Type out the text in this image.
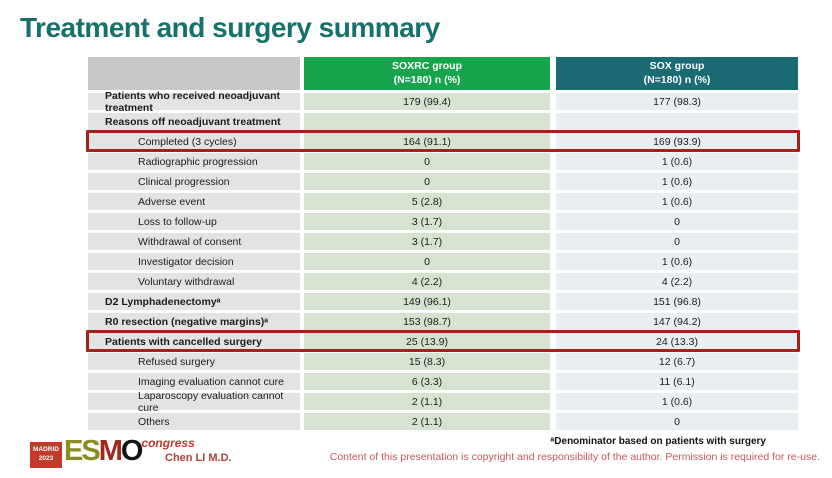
Treatment and surgery summary
SOXRC group
(N=180) n (%)
SOX group
(N=180) n (%)
Patients who received neoadjuvant treatment	179 (99.4)	177 (98.3)
Reasons off neoadjuvant treatment
Completed (3 cycles)	164 (91.1)	169 (93.9)
Radiographic progression	0	1 (0.6)
Clinical progression	0	1 (0.6)
Adverse event	5 (2.8)	1 (0.6)
Loss to follow-up	3 (1.7)	0
Withdrawal of consent	3 (1.7)	0
Investigator decision	0	1 (0.6)
Voluntary withdrawal	4 (2.2)	4 (2.2)
D2 Lymphadenectomyᵃ	149 (96.1)	151 (96.8)
R0 resection (negative margins)ᵃ	153 (98.7)	147 (94.2)
Patients with cancelled surgery	25 (13.9)	24 (13.3)
Refused surgery	15 (8.3)	12 (6.7)
Imaging evaluation cannot cure	6 (3.3)	11 (6.1)
Laparoscopy evaluation cannot cure	2 (1.1)	1 (0.6)
Others	2 (1.1)	0
MADRID
2023 ESMO congress
Chen LI M.D.
ᵃDenominator based on patients with surgery
Content of this presentation is copyright and responsibility of the author. Permission is required for re-use.
